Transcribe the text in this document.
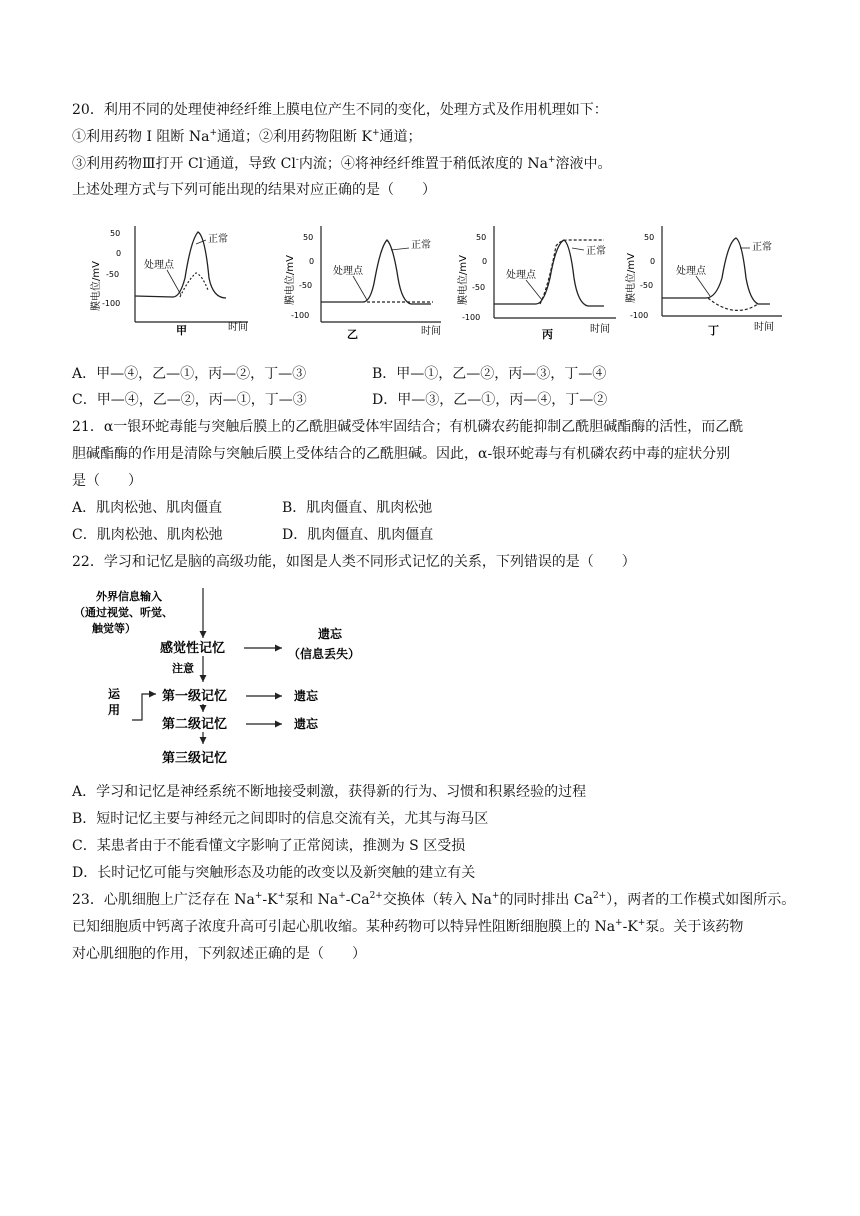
20．利用不同的处理使神经纤维上膜电位产生不同的变化，处理方式及作用机理如下：
①利用药物 I 阻断 Na+通道；②利用药物阻断 K+通道；
③利用药物Ⅲ打开 Cl-通道，导致 Cl-内流；④将神经纤维置于稍低浓度的 Na+溶液中。
上述处理方式与下列可能出现的结果对应正确的是（　　）
膜电位/mV
50
0
-50
-100
处理点
正常
甲	时间
膜电位/mV
50
0
-50
-100
处理点
正常
乙	时间
膜电位/mV
50
0
-50
-100
处理点
正常
丙	时间
膜电位/mV
50
0
-50
-100
处理点
正常
丁	时间
A．甲—④，乙—①，丙—②，丁—③	B．甲—①，乙—②，丙—③，丁—④
C．甲—④，乙—②，丙—①，丁—③	D．甲—③，乙—①，丙—④，丁—②
21．α一银环蛇毒能与突触后膜上的乙酰胆碱受体牢固结合；有机磷农药能抑制乙酰胆碱酯酶的活性，而乙酰
胆碱酯酶的作用是清除与突触后膜上受体结合的乙酰胆碱。因此，α-银环蛇毒与有机磷农药中毒的症状分别
是（　　）
A．肌肉松弛、肌肉僵直	B．肌肉僵直、肌肉松弛
C．肌肉松弛、肌肉松弛	D．肌肉僵直、肌肉僵直
22．学习和记忆是脑的高级功能，如图是人类不同形式记忆的关系，下列错误的是（　　）
外界信息输入
（通过视觉、听觉、
触觉等）
感觉性记忆
遗忘
（信息丢失）
注意
第一级记忆	遗忘
运
用
第二级记忆	遗忘
第三级记忆
A．学习和记忆是神经系统不断地接受刺激，获得新的行为、习惯和积累经验的过程
B．短时记忆主要与神经元之间即时的信息交流有关，尤其与海马区
C．某患者由于不能看懂文字影响了正常阅读，推测为 S 区受损
D．长时记忆可能与突触形态及功能的改变以及新突触的建立有关
23．心肌细胞上广泛存在 Na+-K+泵和 $Na^+-Ca^{2+}$交换体（转入 Na+的同时排出 $Ca^{2+}$），两者的工作模式如图所示。
已知细胞质中钙离子浓度升高可引起心肌收缩。某种药物可以特异性阻断细胞膜上的 Na+-K+泵。关于该药物
对心肌细胞的作用，下列叙述正确的是（　　）
